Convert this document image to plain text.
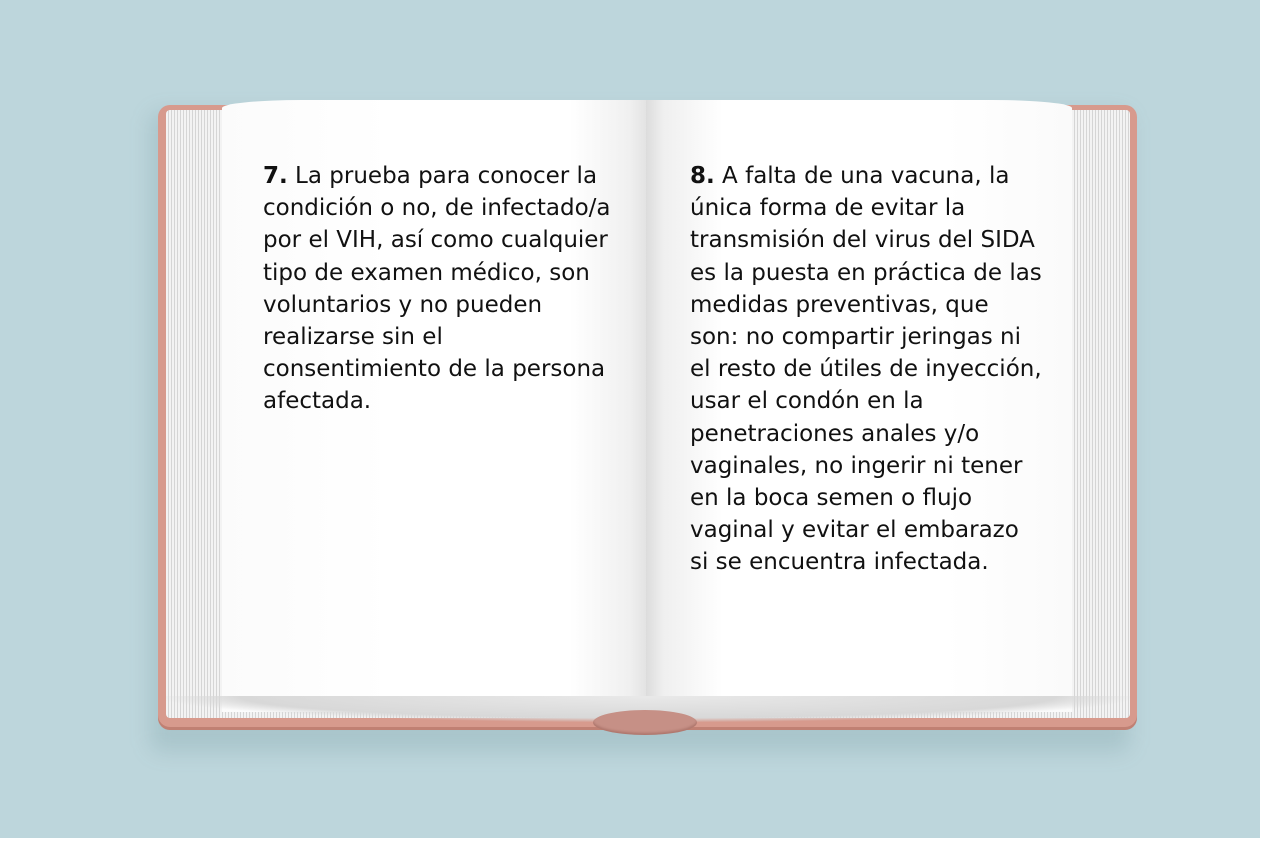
7. La prueba para conocer la condición o no, de infectado/a por el VIH, así como cualquier tipo de examen médico, son voluntarios y no pueden realizarse sin el consentimiento de la persona afectada.

8. A falta de una vacuna, la única forma de evitar la transmisión del virus del SIDA es la puesta en práctica de las medidas preventivas, que son: no compartir jeringas ni el resto de útiles de inyección, usar el condón en la penetraciones anales y/o vaginales, no ingerir ni tener en la boca semen o flujo vaginal y evitar el embarazo si se encuentra infectada.
